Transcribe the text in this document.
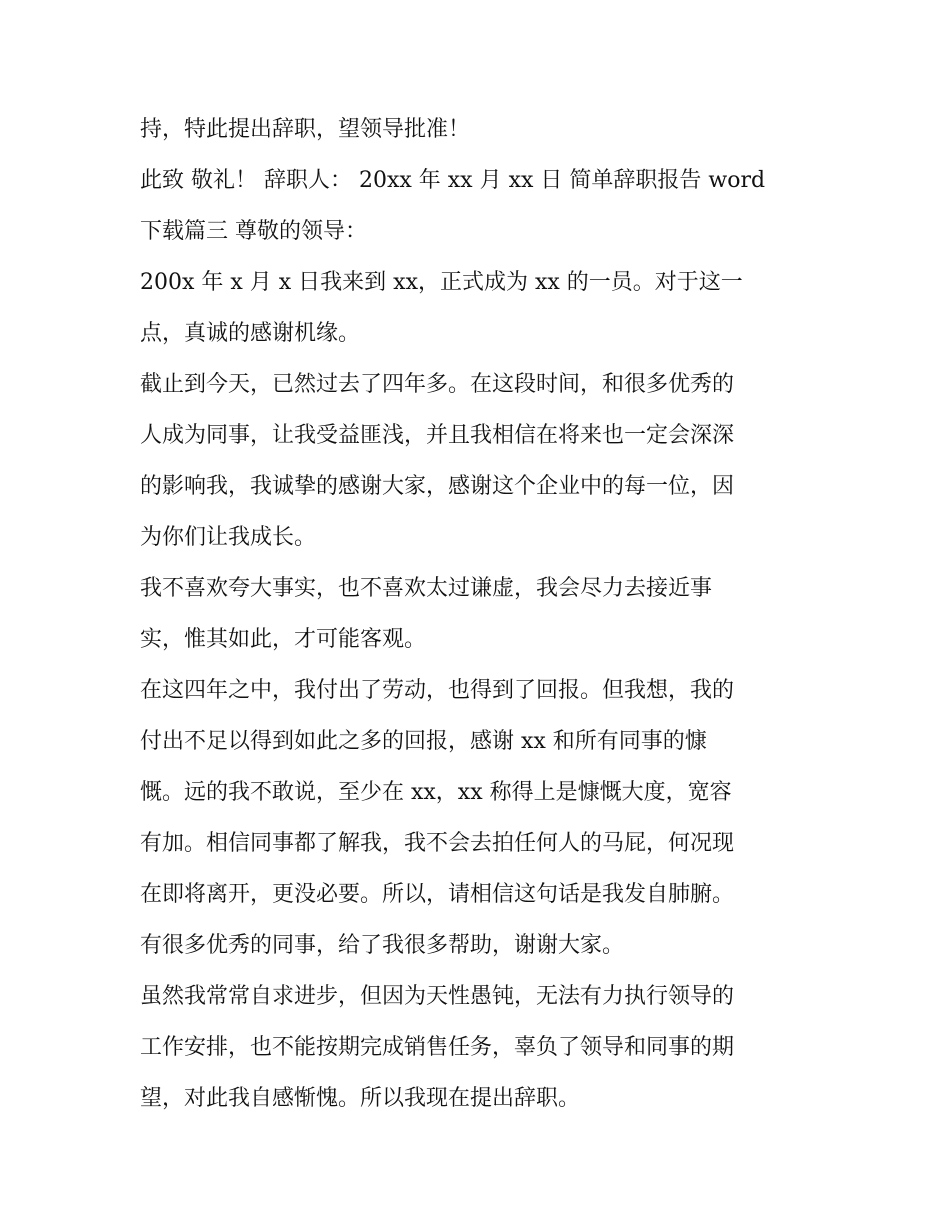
持，特此提出辞职，望领导批准！
此致 敬礼！ 辞职人： 20xx 年 xx 月 xx 日 简单辞职报告 word
下载篇三 尊敬的领导：
200x 年 x 月 x 日我来到 xx，正式成为 xx 的一员。对于这一
点，真诚的感谢机缘。
截止到今天，已然过去了四年多。在这段时间，和很多优秀的
人成为同事，让我受益匪浅，并且我相信在将来也一定会深深
的影响我，我诚挚的感谢大家，感谢这个企业中的每一位，因
为你们让我成长。
我不喜欢夸大事实，也不喜欢太过谦虚，我会尽力去接近事
实，惟其如此，才可能客观。
在这四年之中，我付出了劳动，也得到了回报。但我想，我的
付出不足以得到如此之多的回报，感谢 xx 和所有同事的慷
慨。远的我不敢说，至少在 xx，xx 称得上是慷慨大度，宽容
有加。相信同事都了解我，我不会去拍任何人的马屁，何况现
在即将离开，更没必要。所以，请相信这句话是我发自肺腑。
有很多优秀的同事，给了我很多帮助，谢谢大家。
虽然我常常自求进步，但因为天性愚钝，无法有力执行领导的
工作安排，也不能按期完成销售任务，辜负了领导和同事的期
望，对此我自感惭愧。所以我现在提出辞职。
